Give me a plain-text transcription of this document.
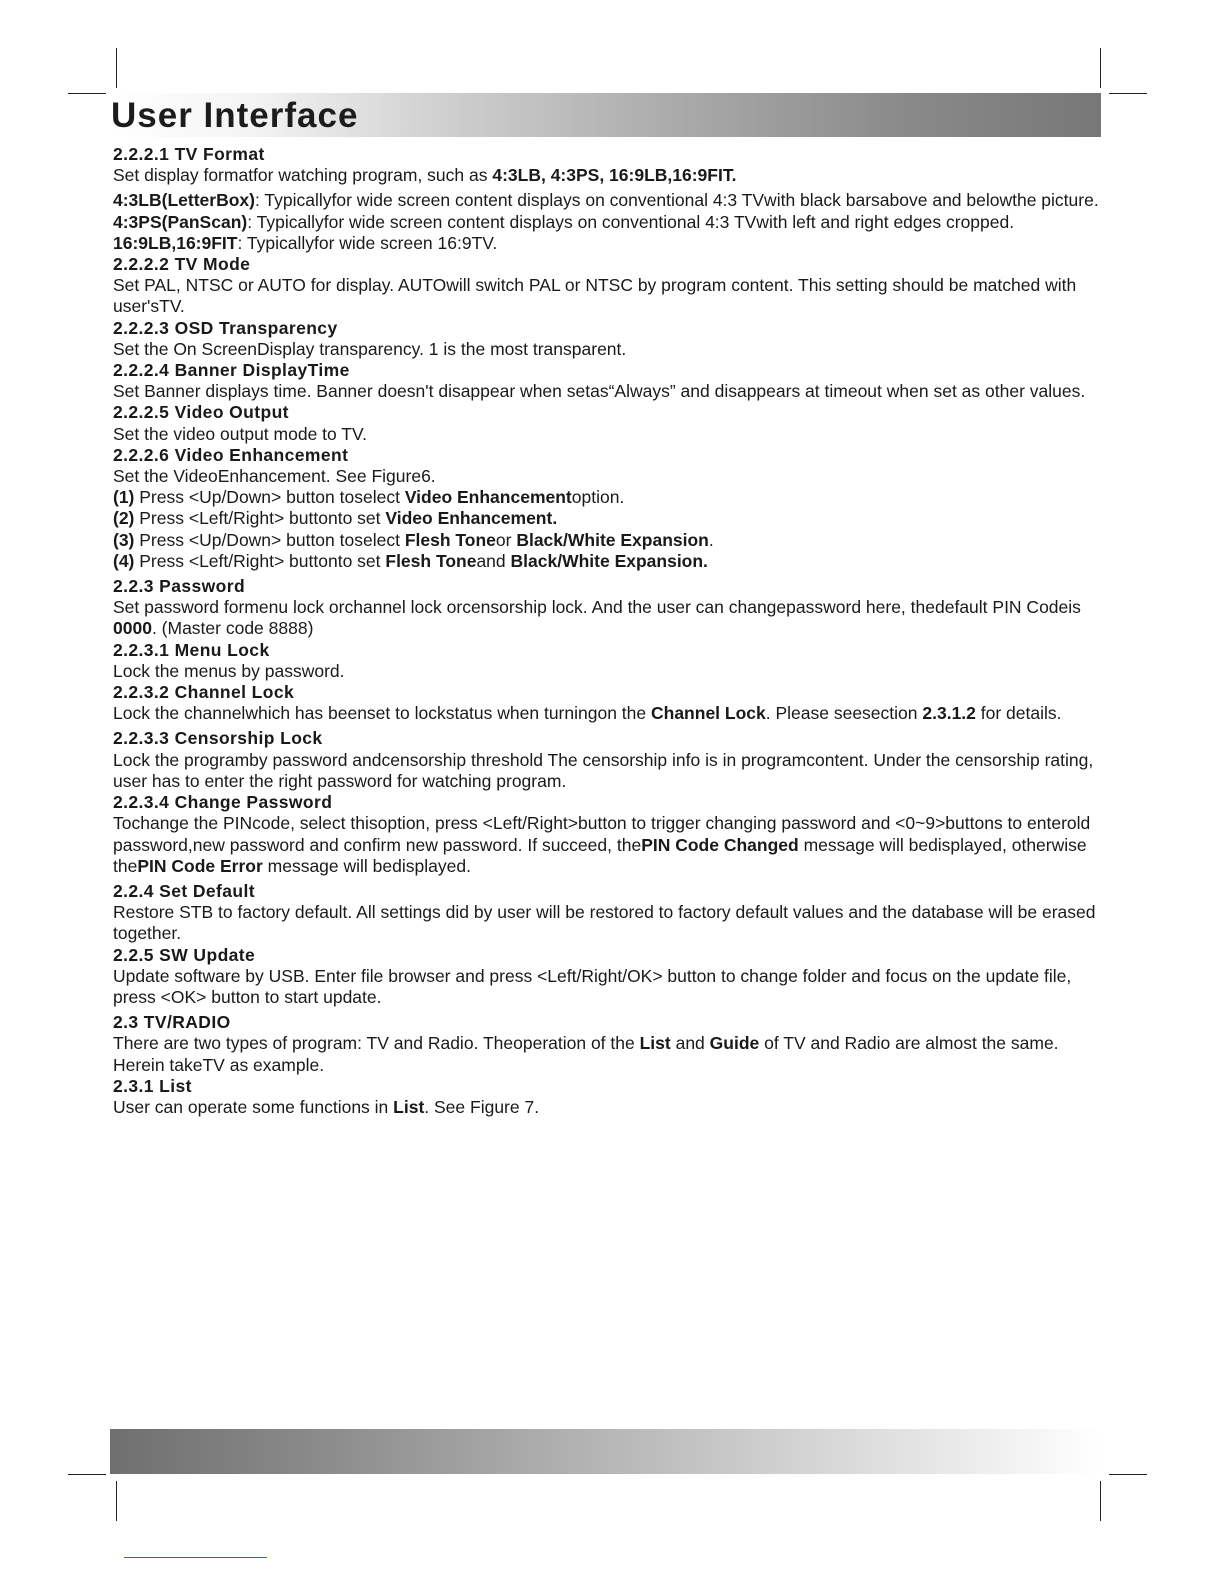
User Interface

2.2.2.1 TV Format

Set display formatfor watching program, such as 4:3LB, 4:3PS, 16:9LB,16:9FIT.

4:3LB(LetterBox): Typicallyfor wide screen content displays on conventional 4:3 TVwith black barsabove and belowthe picture.

4:3PS(PanScan): Typicallyfor wide screen content displays on conventional 4:3 TVwith left and right edges cropped.

16:9LB,16:9FIT: Typicallyfor wide screen 16:9TV.

2.2.2.2 TV Mode

Set PAL, NTSC or AUTO for display. AUTOwill switch PAL or NTSC by program content. This setting should be matched with user'sTV.

2.2.2.3 OSD Transparency

Set the On ScreenDisplay transparency. 1 is the most transparent.

2.2.2.4 Banner DisplayTime

Set Banner displays time. Banner doesn't disappear when setas“Always” and disappears at timeout when set as other values.

2.2.2.5 Video Output

Set the video output mode to TV.

2.2.2.6 Video Enhancement

Set the VideoEnhancement. See Figure6.

(1) Press <Up/Down> button toselect Video Enhancementoption.

(2) Press <Left/Right> buttonto set Video Enhancement.

(3) Press <Up/Down> button toselect Flesh Toneor Black/White Expansion.

(4) Press <Left/Right> buttonto set Flesh Toneand Black/White Expansion.

2.2.3 Password

Set password formenu lock orchannel lock orcensorship lock. And the user can changepassword here, thedefault PIN Codeis 0000. (Master code 8888)

2.2.3.1 Menu Lock

Lock the menus by password.

2.2.3.2 Channel Lock

Lock the channelwhich has beenset to lockstatus when turningon the Channel Lock. Please seesection 2.3.1.2 for details.

2.2.3.3 Censorship Lock

Lock the programby password andcensorship threshold The censorship info is in programcontent. Under the censorship rating, user has to enter the right password for watching program.

2.2.3.4 Change Password

Tochange the PINcode, select thisoption, press <Left/Right>button to trigger changing password and <0~9>buttons to enterold password,new password and confirm new password. If succeed, thePIN Code Changed message will bedisplayed, otherwise thePIN Code Error message will bedisplayed.

2.2.4 Set Default

Restore STB to factory default. All settings did by user will be restored to factory default values and the database will be erased together.

2.2.5 SW Update

Update software by USB. Enter file browser and press <Left/Right/OK> button to change folder and focus on the update file, press <OK> button to start update.

2.3 TV/RADIO

There are two types of program: TV and Radio. Theoperation of the List and Guide of TV and Radio are almost the same. Herein takeTV as example.

2.3.1 List

User can operate some functions in List. See Figure 7.
